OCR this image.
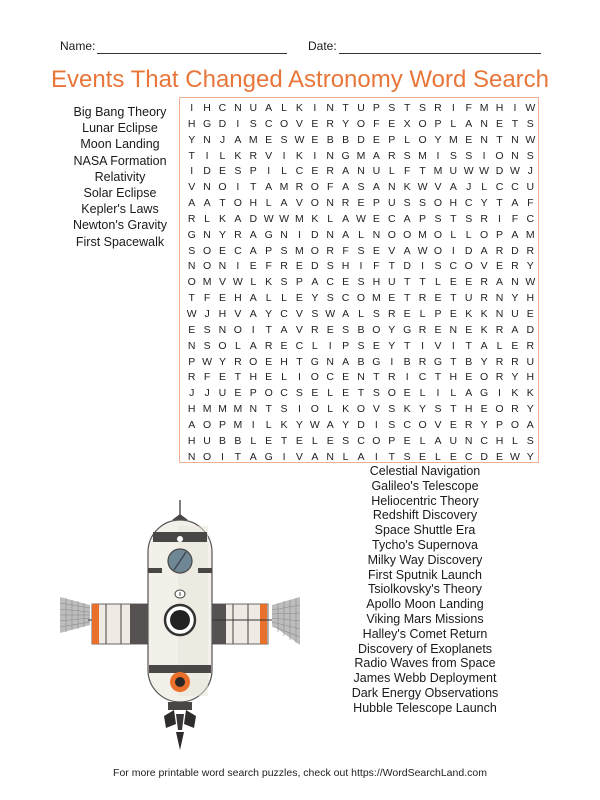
Name:	Date:
Events That Changed Astronomy Word Search
Big Bang Theory
Lunar Eclipse
Moon Landing
NASA Formation
Relativity
Solar Eclipse
Kepler's Laws
Newton's Gravity
First Spacewalk
I H C N U A L K I N T U P S T S R I	F M H I W
H G D I S C O V E R Y O F E X O P L A N E T S
Y N J A M E S W E B B D E P L O Y M E N T N W
T	I	L K R V I K I N G M A R S M I S S I O N S
I D E S P I	L C E R A N U L F T M U W W D W J
V N O I	T A M R O F A S A N K W V A J L C C U
A A T O H L A V O N R E P U S S O H C Y T A F
R L K A D W W M K L A W E C A P S T S R I	F C
G N Y R A G N I D N A L N O O M O L L O P A M
S O E C A P S M O R F S E V A W O I D A R D R
N O N I E F R E D S H I	F T D I S C O V E R Y
O M V W L K S P A C E S H U T T L E E R A N W
T F E H A L L E Y S C O M E T R E T U R N Y H
W J H V A Y C V S W A L S R E L P E K K N U E
E S N O I	T A V R E S B O Y G R E N E K R A D
N S O L A R E C L	I P S E Y T	I V I	T A L E R
P W Y R O E H T G N A B G I B R G T B Y R R U
R F E T H E L	I O C E N T R I C T H E O R Y H
J J U E P O C S E L E T S O E L	I	L A G I K K
H M M M N T S I O L K O V S K Y S T H E O R Y
A O P M I	L K Y W A Y D I S C O V E R Y P O A
H U B B L E T E L E S C O P E L A U N C H L S
N O I	T A G I V A N L A I	T S E L E C D E W Y
Celestial Navigation
Galileo's Telescope
Heliocentric Theory
Redshift Discovery
Space Shuttle Era
Tycho's Supernova
Milky Way Discovery
First Sputnik Launch
Tsiolkovsky's Theory
Apollo Moon Landing
Viking Mars Missions
Halley's Comet Return
Discovery of Exoplanets
Radio Waves from Space
James Webb Deployment
Dark Energy Observations
Hubble Telescope Launch
For more printable word search puzzles, check out https://WordSearchLand.com
